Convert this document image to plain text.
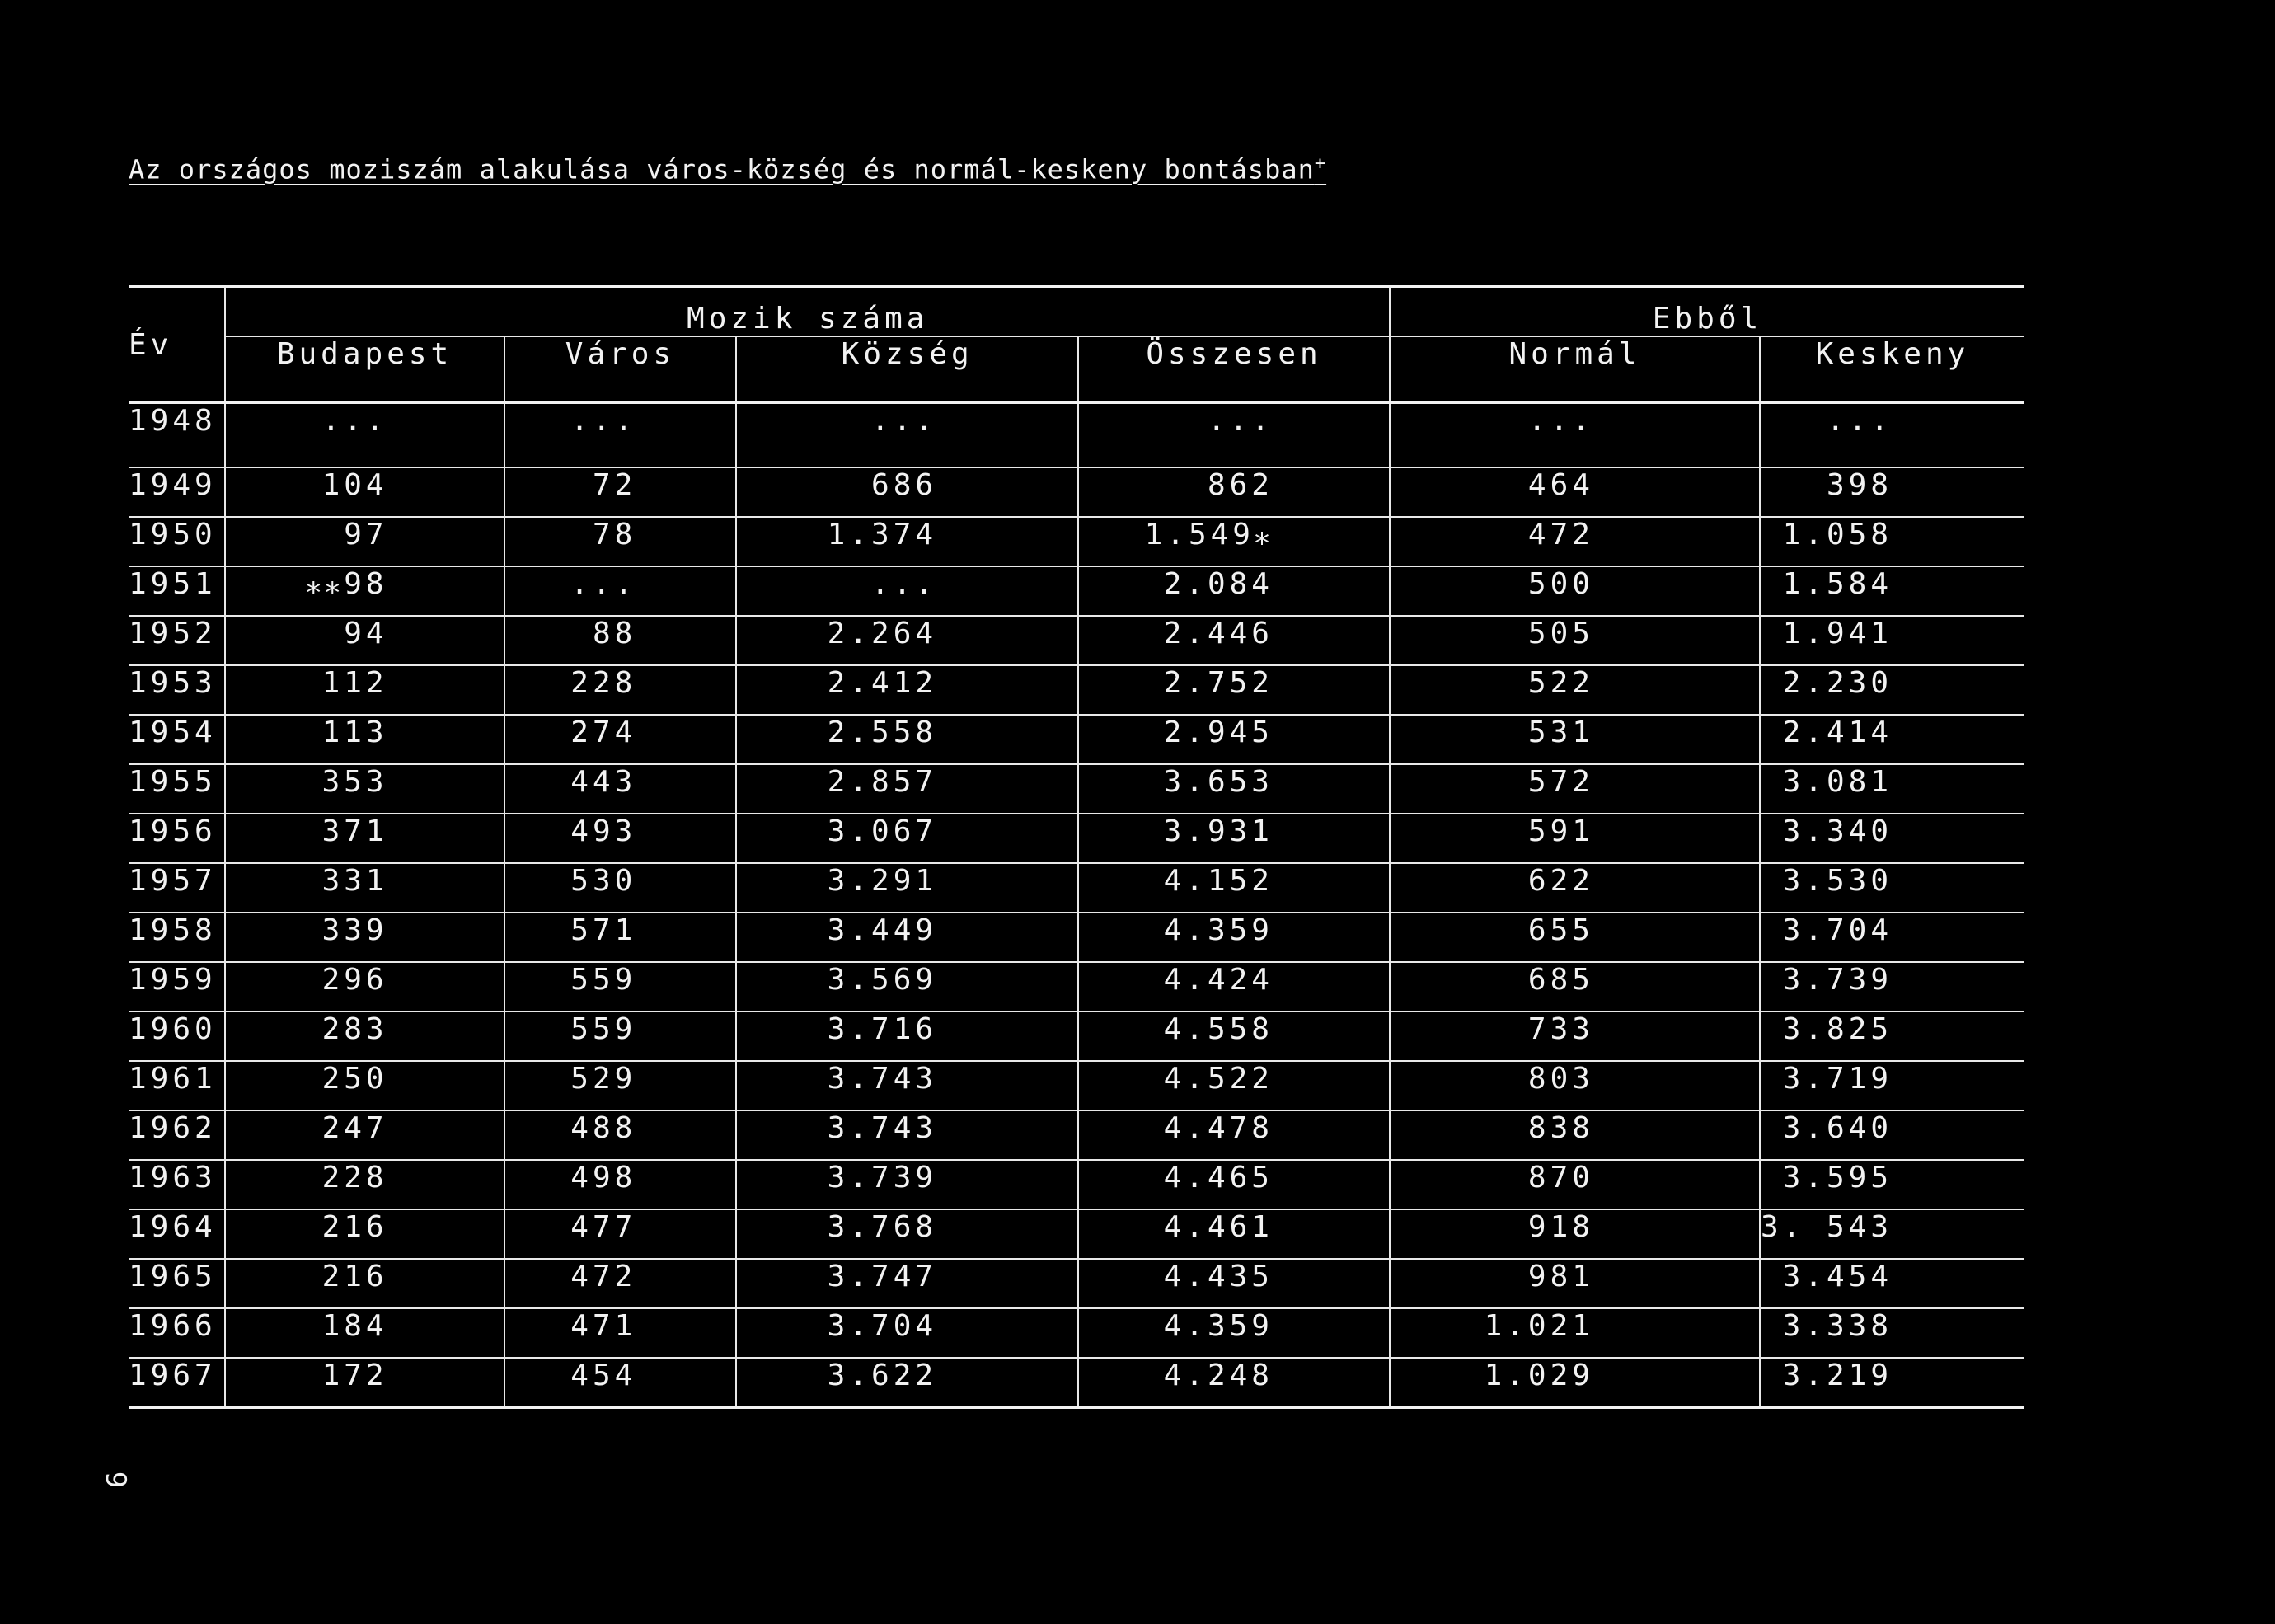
Az országos moziszám alakulása város-község és normál-keskeny bontásban+

Év	Mozik száma				Ebből	
	Budapest	Város	Község	Összesen	Normál	Keskeny
1948	...	...	...	...	...	...
1949	104	72	686	862	464	398
1950	97	78	1.374	1.549⁎	472	1.058
1951	⁎⁎98	...	...	2.084	500	1.584
1952	94	88	2.264	2.446	505	1.941
1953	112	228	2.412	2.752	522	2.230
1954	113	274	2.558	2.945	531	2.414
1955	353	443	2.857	3.653	572	3.081
1956	371	493	3.067	3.931	591	3.340
1957	331	530	3.291	4.152	622	3.530
1958	339	571	3.449	4.359	655	3.704
1959	296	559	3.569	4.424	685	3.739
1960	283	559	3.716	4.558	733	3.825
1961	250	529	3.743	4.522	803	3.719
1962	247	488	3.743	4.478	838	3.640
1963	228	498	3.739	4.465	870	3.595
1964	216	477	3.768	4.461	918	3. 543
1965	216	472	3.747	4.435	981	3.454
1966	184	471	3.704	4.359	1.021	3.338
1967	172	454	3.622	4.248	1.029	3.219
9
